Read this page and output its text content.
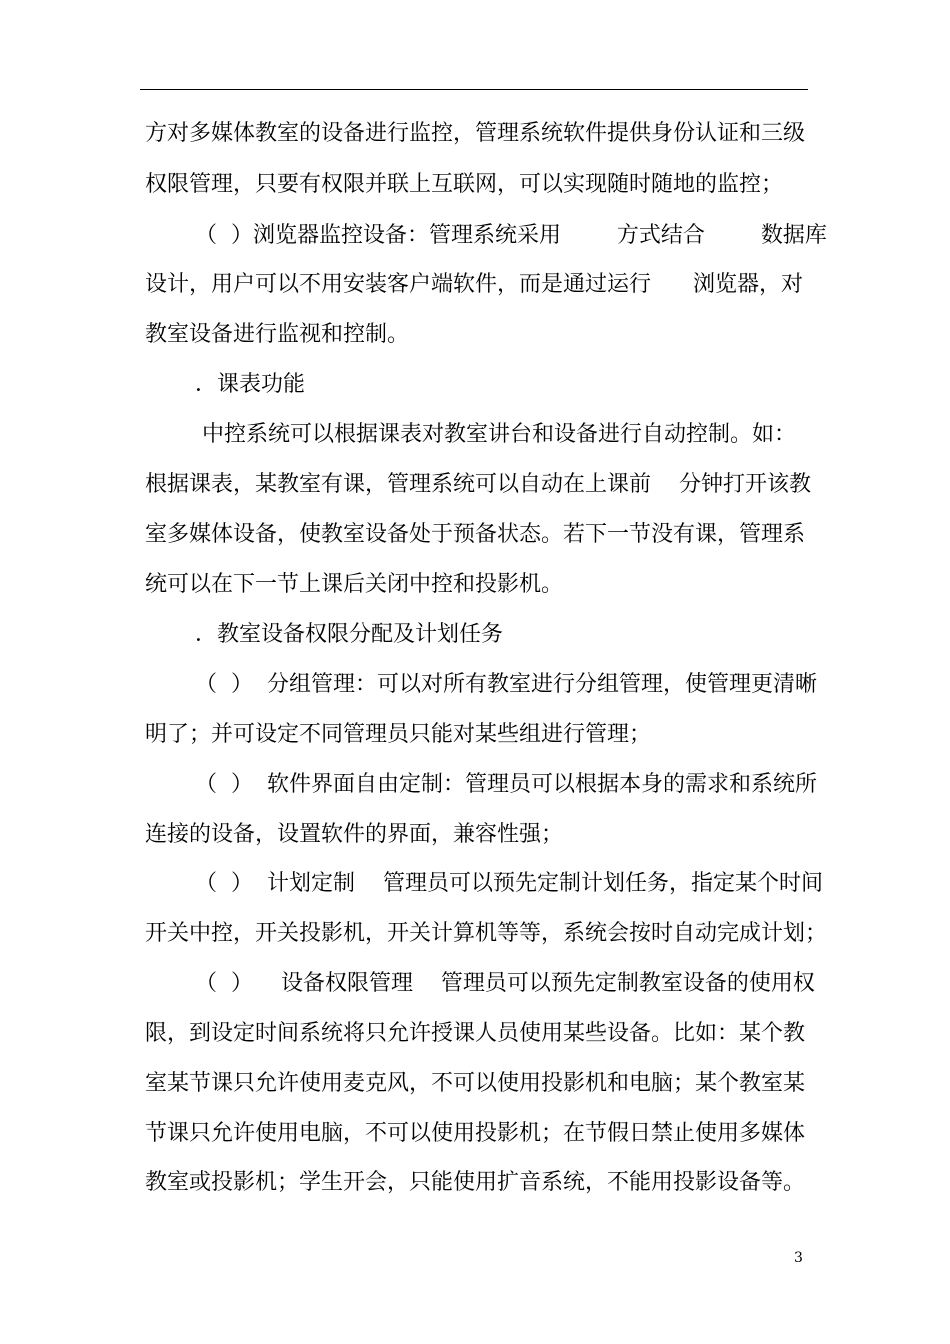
方对多媒体教室的设备进行监控，管理系统软件提供身份认证和三级
权限管理，只要有权限并联上互联网，可以实现随时随地的监控；
（  ）浏览器监控设备：管理系统采用        方式结合        数据库
设计，用户可以不用安装客户端软件，而是通过运行      浏览器，对
教室设备进行监视和控制。
．课表功能
中控系统可以根据课表对教室讲台和设备进行自动控制。如：
根据课表，某教室有课，管理系统可以自动在上课前    分钟打开该教
室多媒体设备，使教室设备处于预备状态。若下一节没有课，管理系
统可以在下一节上课后关闭中控和投影机。
．教室设备权限分配及计划任务
（  ）  分组管理：可以对所有教室进行分组管理，使管理更清晰
明了；并可设定不同管理员只能对某些组进行管理；
（  ）  软件界面自由定制：管理员可以根据本身的需求和系统所
连接的设备，设置软件的界面，兼容性强；
（  ）  计划定制    管理员可以预先定制计划任务，指定某个时间
开关中控，开关投影机，开关计算机等等，系统会按时自动完成计划；
（  ）    设备权限管理    管理员可以预先定制教室设备的使用权
限，到设定时间系统将只允许授课人员使用某些设备。比如：某个教
室某节课只允许使用麦克风，不可以使用投影机和电脑；某个教室某
节课只允许使用电脑，不可以使用投影机；在节假日禁止使用多媒体
教室或投影机；学生开会，只能使用扩音系统，不能用投影设备等。
3
